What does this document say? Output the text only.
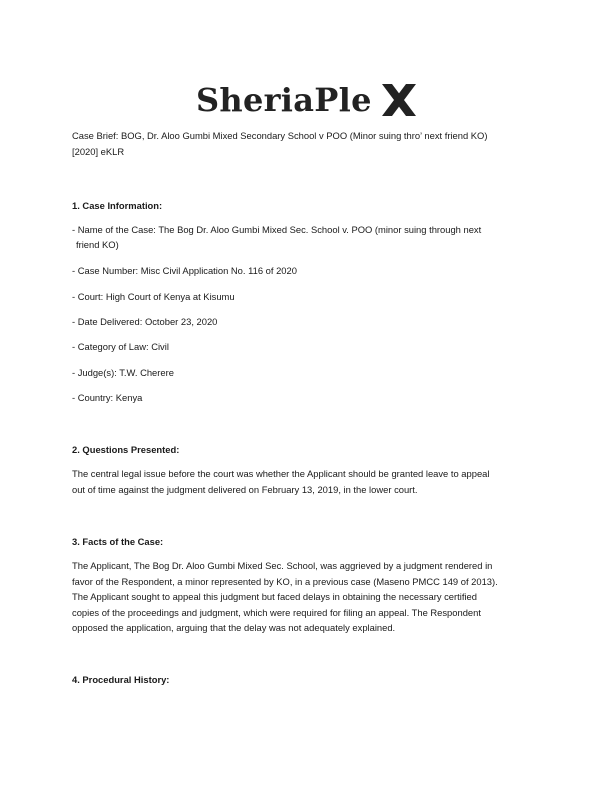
SheriaPle
Case Brief: BOG, Dr. Aloo Gumbi Mixed Secondary School v POO (Minor suing thro’ next friend KO)
[2020] eKLR
1. Case Information:
- Name of the Case: The Bog Dr. Aloo Gumbi Mixed Sec. School v. POO (minor suing through next
friend KO)
- Case Number: Misc Civil Application No. 116 of 2020
- Court: High Court of Kenya at Kisumu
- Date Delivered: October 23, 2020
- Category of Law: Civil
- Judge(s): T.W. Cherere
- Country: Kenya
2. Questions Presented:
The central legal issue before the court was whether the Applicant should be granted leave to appeal
out of time against the judgment delivered on February 13, 2019, in the lower court.
3. Facts of the Case:
The Applicant, The Bog Dr. Aloo Gumbi Mixed Sec. School, was aggrieved by a judgment rendered in
favor of the Respondent, a minor represented by KO, in a previous case (Maseno PMCC 149 of 2013).
The Applicant sought to appeal this judgment but faced delays in obtaining the necessary certified
copies of the proceedings and judgment, which were required for filing an appeal. The Respondent
opposed the application, arguing that the delay was not adequately explained.
4. Procedural History:
